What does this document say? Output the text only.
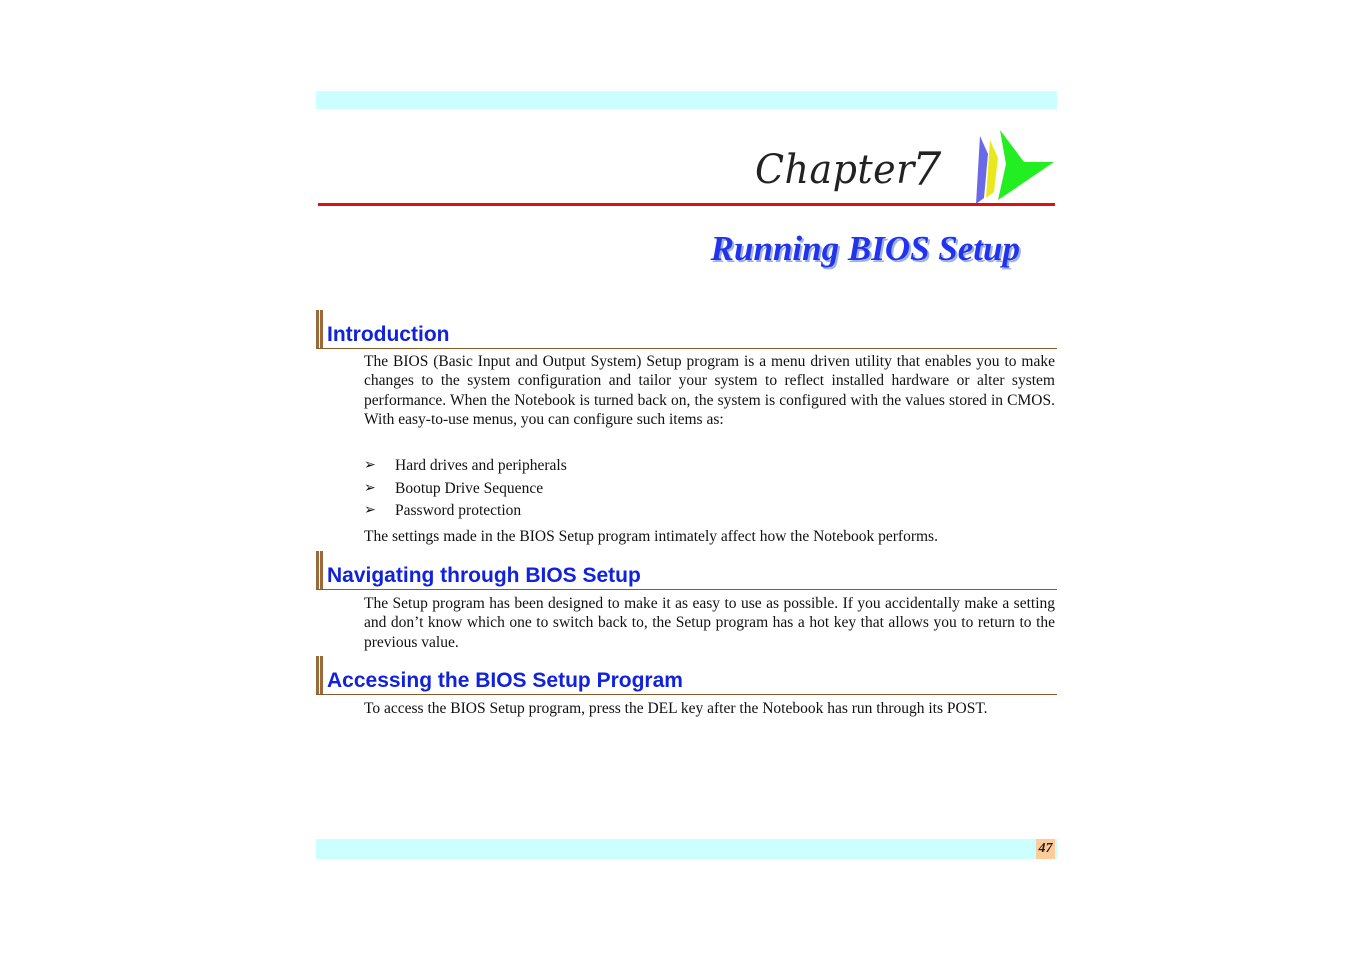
Chapter
7
Running BIOS Setup
Introduction

The BIOS (Basic Input and Output System) Setup program is a menu driven utility that enables you to make changes to the system configuration and tailor your system to reflect installed hardware or alter system performance. When the Notebook is turned back on, the system is configured with the values stored in CMOS. With easy-to-use menus, you can configure such items as:

➢ Hard drives and peripherals
➢ Bootup Drive Sequence
➢ Password protection

The settings made in the BIOS Setup program intimately affect how the Notebook performs.

Navigating through BIOS Setup

The Setup program has been designed to make it as easy to use as possible. If you accidentally make a setting and don’t know which one to switch back to, the Setup program has a hot key that allows you to return to the previous value.

Accessing the BIOS Setup Program

To access the BIOS Setup program, press the DEL key after the Notebook has run through its POST.

47
